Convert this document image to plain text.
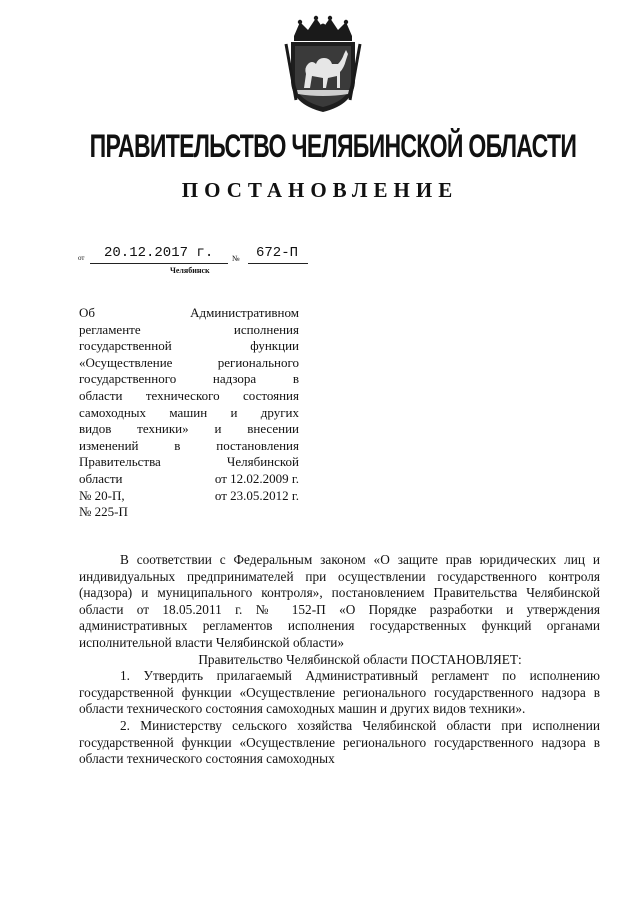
ПРАВИТЕЛЬСТВО ЧЕЛЯБИНСКОЙ ОБЛАСТИ
ПОСТАНОВЛЕНИЕ
от 20.12.2017 г. № 672-П
Челябинск
Об	Административном
регламенте	исполнения
государственной	функции
«Осуществление регионального
государственного надзора в
области технического состояния
самоходных машин и других
видов техники» и внесении
изменений в постановления
Правительства	Челябинской
области	от 12.02.2009 г.
№ 20-П,	от 23.05.2012 г.
№ 225-П

В соответствии с Федеральным законом «О защите прав юридических лиц и индивидуальных предпринимателей при осуществлении государственного контроля (надзора) и муниципального контроля», постановлением Правительства Челябинской области от 18.05.2011 г. № 152-П «О Порядке разработки и утверждения административных регламентов исполнения государственных функций органами исполнительной власти Челябинской области»

Правительство Челябинской области ПОСТАНОВЛЯЕТ:

1. Утвердить прилагаемый Административный регламент по исполнению государственной функции «Осуществление регионального государственного надзора в области технического состояния самоходных машин и других видов техники».

2. Министерству сельского хозяйства Челябинской области при исполнении государственной функции «Осуществление регионального государственного надзора в области технического состояния самоходных
